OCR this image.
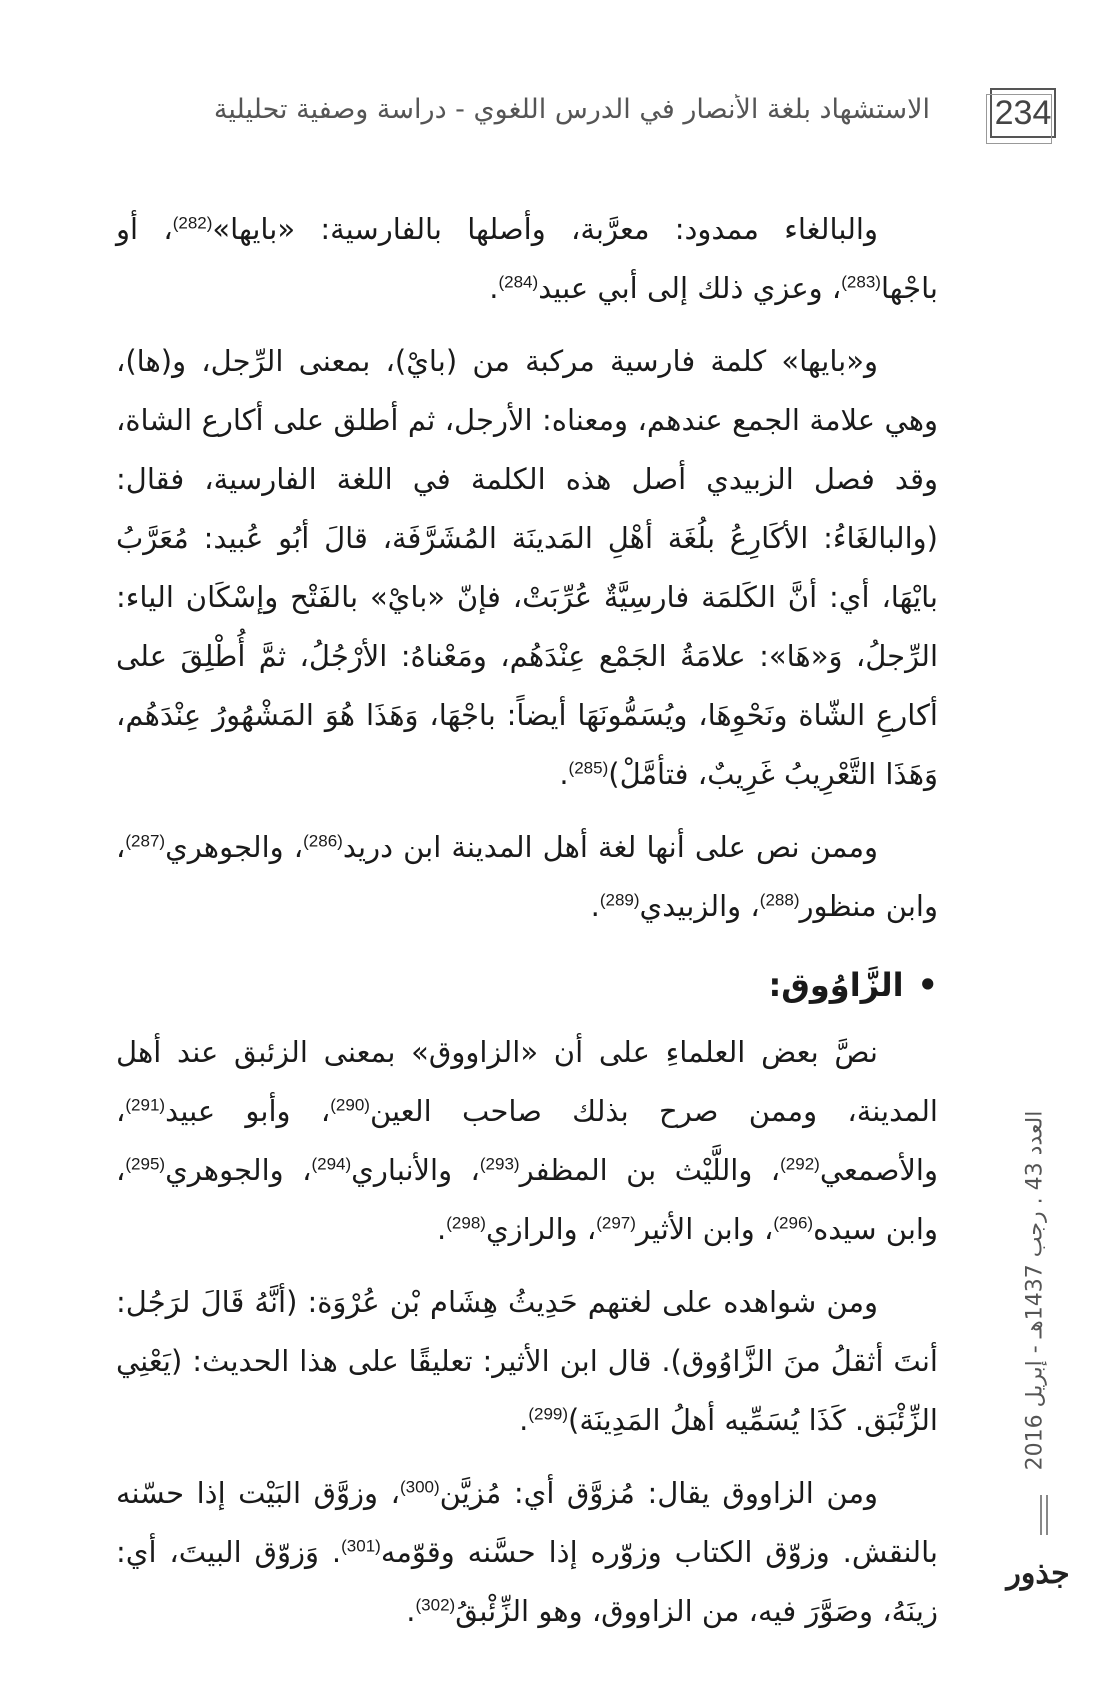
234
الاستشهاد بلغة الأنصار في الدرس اللغوي - دراسة وصفية تحليلية

والبالغاء ممدود: معرَّبة، وأصلها بالفارسية: «بايها»$^{(282)}$، أو باجْها$^{(283)}$، وعزي ذلك إلى أبي عبيد$^{(284)}$.

و«بايها» كلمة فارسية مركبة من (بايْ)، بمعنى الرِّجل، و(ها)، وهي علامة الجمع عندهم، ومعناه: الأرجل، ثم أطلق على أكارع الشاة، وقد فصل الزبيدي أصل هذه الكلمة في اللغة الفارسية، فقال: (والبالغَاءُ: الأكَارِعُ بلُغَة أهْلِ المَدينَة المُشَرَّفَة، قالَ أبُو عُبيد: مُعَرَّبُ بايْهَا، أي: أنَّ الكَلمَة فارسِيَّةٌ عُرِّبَتْ، فإنّ «بايْ» بالفَتْح وإسْكَان الياء: الرِّجلُ، وَ«هَا»: علامَةُ الجَمْع عِنْدَهُم، ومَعْناهُ: الأرْجُلُ، ثمَّ أُطْلِقَ على أكارعِ الشّاة ونَحْوِهَا، ويُسَمُّونَهَا أيضاً: باجْهَا، وَهَذَا هُوَ المَشْهُورُ عِنْدَهُم، وَهَذَا التَّعْرِيبُ غَرِيبٌ، فتأمَّلْ)$^{(285)}$.

وممن نص على أنها لغة أهل المدينة ابن دريد$^{(286)}$، والجوهري$^{(287)}$، وابن منظور$^{(288)}$، والزبيدي$^{(289)}$.

•الزَّاوُوق:

نصَّ بعض العلماءِ على أن «الزاووق» بمعنى الزئبق عند أهل المدينة، وممن صرح بذلك صاحب العين$^{(290)}$، وأبو عبيد$^{(291)}$، والأصمعي$^{(292)}$، واللَّيْث بن المظفر$^{(293)}$، والأنباري$^{(294)}$، والجوهري$^{(295)}$، وابن سيده$^{(296)}$، وابن الأثير$^{(297)}$، والرازي$^{(298)}$.

ومن شواهده على لغتهم حَدِيثُ هِشَام بْن عُرْوَة: (أنَّهُ قَالَ لرَجُل: أنتَ أثقلُ منَ الزَّاوُوق). قال ابن الأثير: تعليقًا على هذا الحديث: (يَعْنِي الزِّئْبَق. كَذَا يُسَمِّيه أهلُ المَدِينَة)$^{(299)}$.

ومن الزاووق يقال: مُزوَّق أي: مُزيَّن$^{(300)}$، وزوَّق البَيْت إذا حسّنه بالنقش. وزوّق الكتاب وزوّره إذا حسَّنه وقوّمه$^{(301)}$. وَزوّق البيتَ، أي: زينَهُ، وصَوَّرَ فيه، من الزاووق، وهو الزِّئْبقُ$^{(302)}$.

العدد 43 . رجب 1437هـ - إبريل 2016
جذور
